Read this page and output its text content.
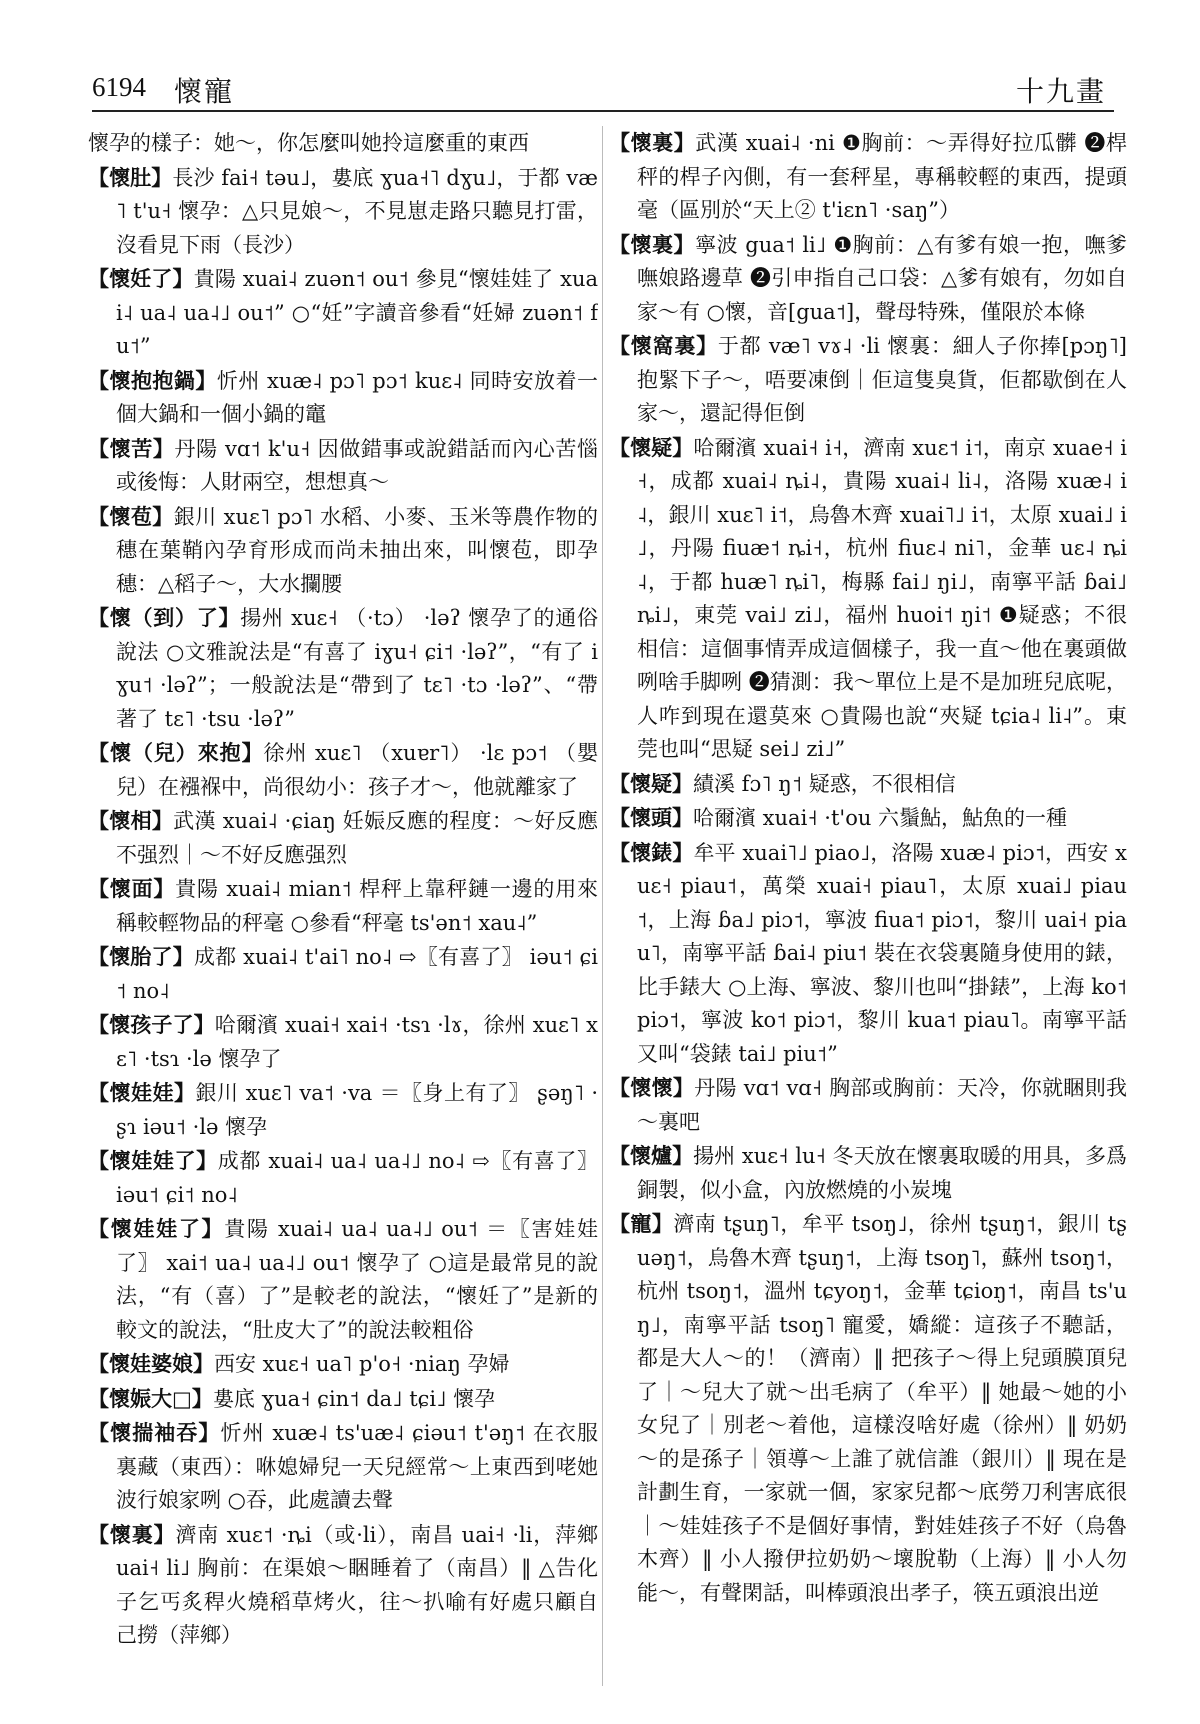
6194 懷寵	十九畫

懷孕的樣子：她～，你怎麼叫她拎這麼重的東西

【懷肚】長沙 fai˧ tәu˩，婁底 ɣua˧˥ dɣu˩，于都 væ˥ t'u˧ 懷孕：△只見娘～，不見崽走路只聽見打雷，沒看見下雨（長沙）

【懷妊了】貴陽 xuai˨ zuәn˦ ou˦ 參見“懷娃娃了 xuai˨ ua˨ ua˨˩ ou˦” ○“妊”字讀音參看“妊婦 zuәn˦ fu˦”

【懷抱抱鍋】忻州 xuæ˨ pɔ˥ pɔ˦ kuɛ˨ 同時安放着一個大鍋和一個小鍋的竈

【懷苦】丹陽 vɑ˦ k'u˧ 因做錯事或說錯話而內心苦惱或後悔：人財兩空，想想真～

【懷苞】銀川 xuɛ˥ pɔ˥ 水稻、小麥、玉米等農作物的穗在葉鞘內孕育形成而尚未抽出來，叫懷苞，即孕穗：△稻子～，大水攔腰

【懷（到）了】揚州 xuɛ˧ （·tɔ） ·lәʔ 懷孕了的通俗說法 ○文雅說法是“有喜了 iɣu˧ ɕi˦ ·lәʔ”，“有了 iɣu˦ ·lәʔ”；一般說法是“帶到了 tɛ˥ ·tɔ ·lәʔ”、“帶著了 tɛ˥ ·tsu ·lәʔ”

【懷（兒）來抱】徐州 xuɛ˥ （xuɐr˥） ·lɛ pɔ˦ （嬰兒）在襁褓中，尚很幼小：孩子才～，他就離家了

【懷相】武漢 xuai˨ ·ɕiaŋ 妊娠反應的程度：～好反應不强烈｜～不好反應强烈

【懷面】貴陽 xuai˨ mian˦ 桿秤上靠秤鏈一邊的用來稱較輕物品的秤毫 ○參看“秤毫 ts'әn˦ xau˨”

【懷胎了】成都 xuai˨ t'ai˥ no˨ ⇨〖有喜了〗 iәu˦ ɕi˦ no˨

【懷孩子了】哈爾濱 xuai˧ xai˧ ·tsɿ ·lɤ，徐州 xuɛ˥ xɛ˥ ·tsɿ ·lә 懷孕了

【懷娃娃】銀川 xuɛ˥ va˦ ·va ＝〖身上有了〗 ʂәŋ˥ ·ʂɿ iәu˦ ·lә 懷孕

【懷娃娃了】成都 xuai˨ ua˨ ua˨˩ no˨ ⇨〖有喜了〗 iәu˦ ɕi˦ no˨

【懷娃娃了】貴陽 xuai˨ ua˨ ua˨˩ ou˦ ＝〖害娃娃了〗 xai˦ ua˨ ua˨˩ ou˦ 懷孕了 ○這是最常見的說法，“有（喜）了”是較老的說法，“懷妊了”是新的較文的說法，“肚皮大了”的說法較粗俗

【懷娃婆娘】西安 xuɛ˧ ua˥ p'o˧ ·niaŋ 孕婦

【懷娠大□】婁底 ɣua˧ ɕin˦ da˩ tɕi˩ 懷孕

【懷揣袖吞】忻州 xuæ˨ ts'uæ˨ ɕiәu˦ t'әŋ˦ 在衣服裏藏（東西）：咻媳婦兒一天兒經常～上東西到咾她波行娘家咧 ○吞，此處讀去聲

【懷裏】濟南 xuɛ˦ ·ȵi（或·li），南昌 uai˧ ·li，萍鄉 uai˧ li˩ 胸前：在渠娘～睏睡着了（南昌）‖ △告化子乞丐炙稈火燒稻草烤火，往～扒喻有好處只顧自己撈（萍鄉）

【懷裏】武漢 xuai˨ ·ni ❶胸前：～弄得好拉瓜髒 ❷桿秤的桿子內側，有一套秤星，專稱較輕的東西，提頭毫（區別於“天上② t'iɛn˥ ·saŋ”）

【懷裏】寧波 gua˦ li˩ ❶胸前：△有爹有娘一抱，嘸爹嘸娘路邊草 ❷引申指自己口袋：△爹有娘有，勿如自家～有 ○懷，音[gua˦]，聲母特殊，僅限於本條

【懷窩裏】于都 væ˥ vɤ˨ ·li 懷裏：細人子你捧[pɔŋ˥]抱緊下子～，唔要凍倒｜佢這隻臭貨，佢都歇倒在人家～，還記得佢倒

【懷疑】哈爾濱 xuai˧ i˧，濟南 xuɛ˦ i˦，南京 xuae˧ i˧，成都 xuai˨ ȵi˨，貴陽 xuai˨ li˨，洛陽 xuæ˨ i˨，銀川 xuɛ˥ i˦，烏魯木齊 xuai˥˩ i˦，太原 xuai˩ i˩，丹陽 fiuæ˦ ȵi˧，杭州 fiuɛ˨ ni˥，金華 uɛ˨ ȵi˨，于都 huæ˥ ȵi˥，梅縣 fai˩ ŋi˩，南寧平話 ɓai˩ ȵi˩，東莞 vai˩ zi˩，福州 huoi˦ ŋi˦ ❶疑惑；不很相信：這個事情弄成這個樣子，我一直～他在裏頭做咧啥手脚咧 ❷猜測：我～單位上是不是加班兒底呢，人咋到現在還莫來 ○貴陽也說“夾疑 tɕia˨ li˨”。東莞也叫“思疑 sei˩ zi˩”

【懷疑】績溪 fɔ˥ ŋ˦ 疑惑，不很相信

【懷頭】哈爾濱 xuai˧ ·t'ou 六鬚鮎，鮎魚的一種

【懷錶】牟平 xuai˥˩ piao˩，洛陽 xuæ˨ piɔ˦，西安 xuɛ˧ piau˦，萬榮 xuai˧ piau˥，太原 xuai˩ piau˦，上海 ɓa˩ piɔ˦，寧波 fiua˦ piɔ˦，黎川 uai˧ piau˥，南寧平話 ɓai˨ piu˦ 裝在衣袋裏隨身使用的錶，比手錶大 ○上海、寧波、黎川也叫“掛錶”，上海 ko˦ piɔ˦，寧波 ko˦ piɔ˦，黎川 kua˦ piau˥。南寧平話又叫“袋錶 tai˩ piu˦”

【懷懷】丹陽 vɑ˦ vɑ˧ 胸部或胸前：天冷，你就睏則我～裏吧

【懷爐】揚州 xuɛ˧ lu˧ 冬天放在懷裏取暖的用具，多爲銅製，似小盒，內放燃燒的小炭塊

【寵】濟南 tʂuŋ˥，牟平 tsoŋ˩，徐州 tʂuŋ˦，銀川 tʂuәŋ˦，烏魯木齊 tʂuŋ˦，上海 tsoŋ˥，蘇州 tsoŋ˦，杭州 tsoŋ˦，溫州 tɕyoŋ˦，金華 tɕioŋ˦，南昌 ts'uŋ˩，南寧平話 tsoŋ˥ 寵愛，嬌縱：這孩子不聽話，都是大人～的！（濟南）‖ 把孩子～得上兒頭膜頂兒了｜～兒大了就～出毛病了（牟平）‖ 她最～她的小女兒了｜別老～着他，這樣沒啥好處（徐州）‖ 奶奶～的是孫子｜領導～上誰了就信誰（銀川）‖ 現在是計劃生育，一家就一個，家家兒都～底勞刀利害底很｜～娃娃孩子不是個好事情，對娃娃孩子不好（烏魯木齊）‖ 小人撥伊拉奶奶～壞脫勒（上海）‖ 小人勿能～，有聲閑話，叫棒頭浪出孝子，筷五頭浪出逆
